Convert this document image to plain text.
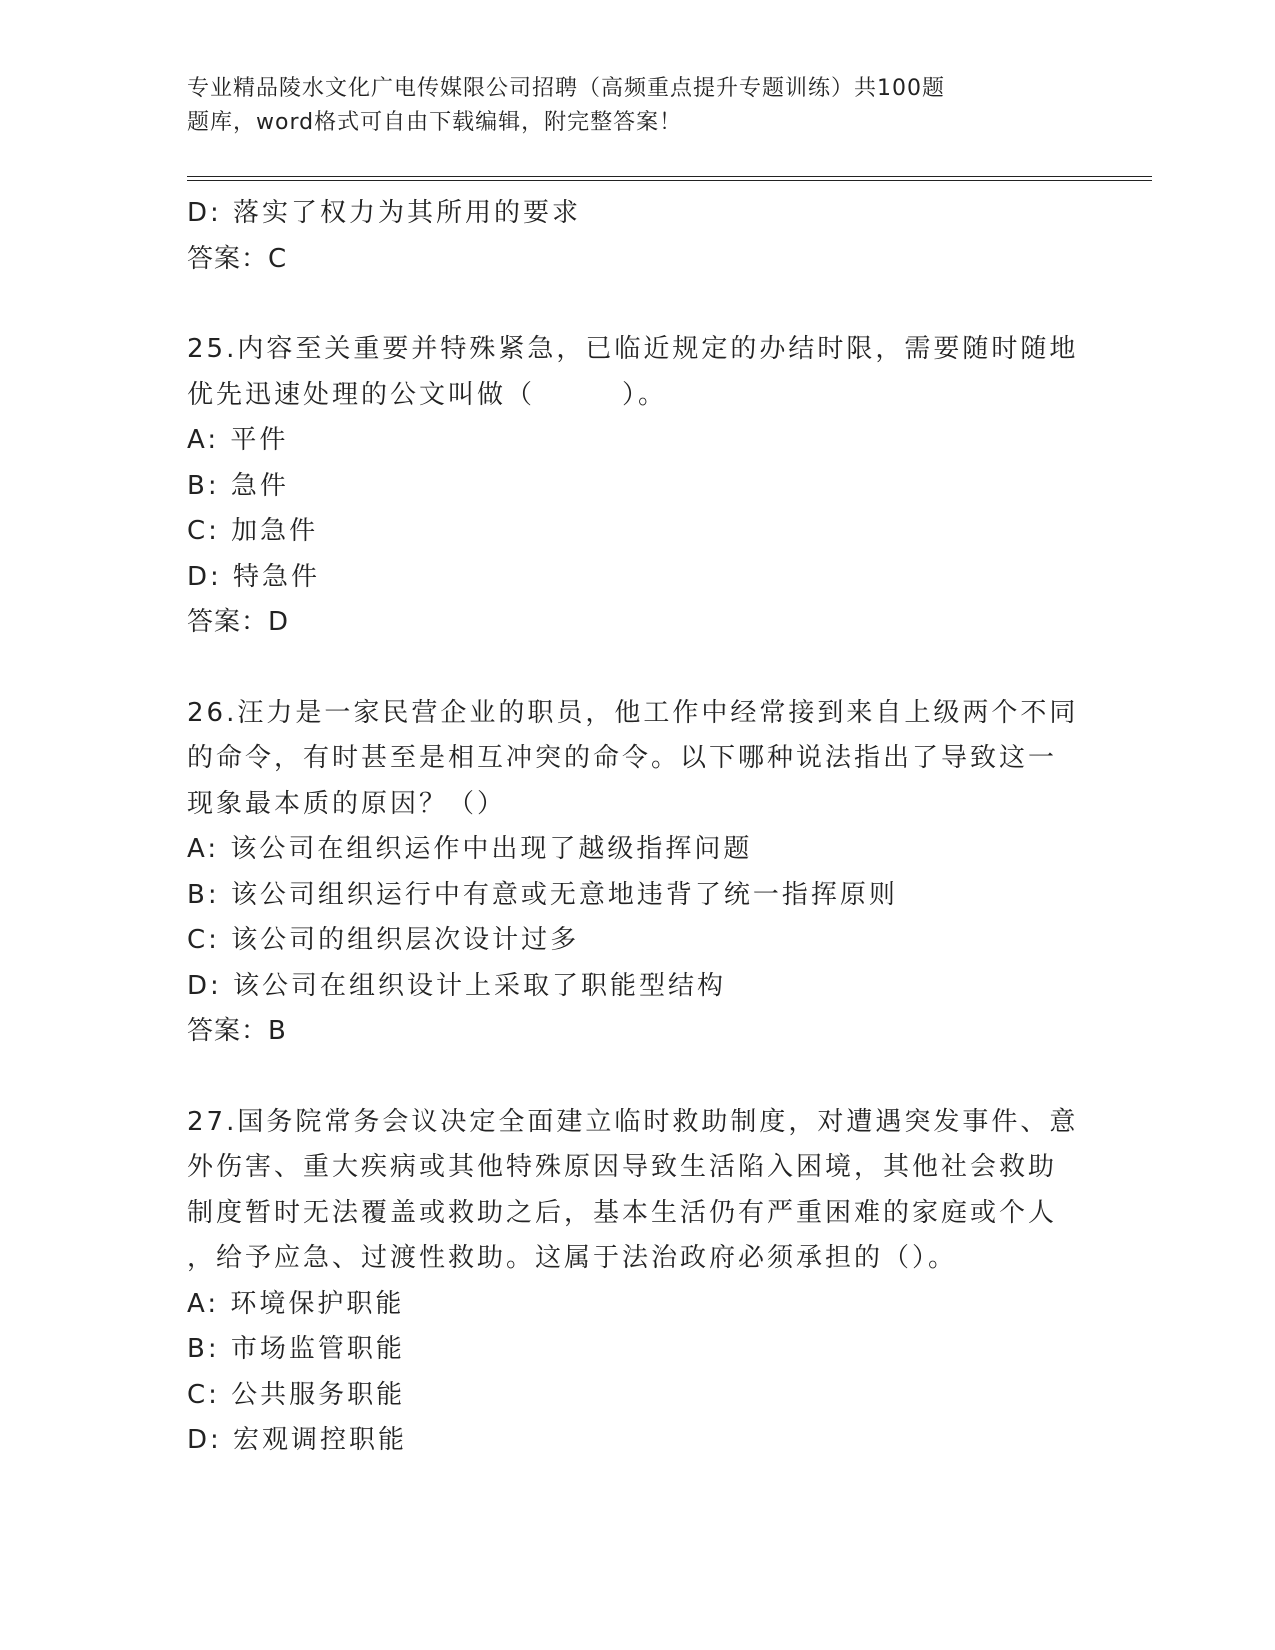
专业精品陵水文化广电传媒限公司招聘（高频重点提升专题训练）共100题
题库，word格式可自由下载编辑，附完整答案！
D: 落实了权力为其所用的要求
答案：C
25.内容至关重要并特殊紧急，已临近规定的办结时限，需要随时随地
优先迅速处理的公文叫做（　　　）。
A: 平件
B: 急件
C: 加急件
D: 特急件
答案：D
26.汪力是一家民营企业的职员，他工作中经常接到来自上级两个不同
的命令，有时甚至是相互冲突的命令。以下哪种说法指出了导致这一
现象最本质的原因？（）
A: 该公司在组织运作中出现了越级指挥问题
B: 该公司组织运行中有意或无意地违背了统一指挥原则
C: 该公司的组织层次设计过多
D: 该公司在组织设计上采取了职能型结构
答案：B
27.国务院常务会议决定全面建立临时救助制度，对遭遇突发事件、意
外伤害、重大疾病或其他特殊原因导致生活陷入困境，其他社会救助
制度暂时无法覆盖或救助之后，基本生活仍有严重困难的家庭或个人
，给予应急、过渡性救助。这属于法治政府必须承担的（）。
A: 环境保护职能
B: 市场监管职能
C: 公共服务职能
D: 宏观调控职能
